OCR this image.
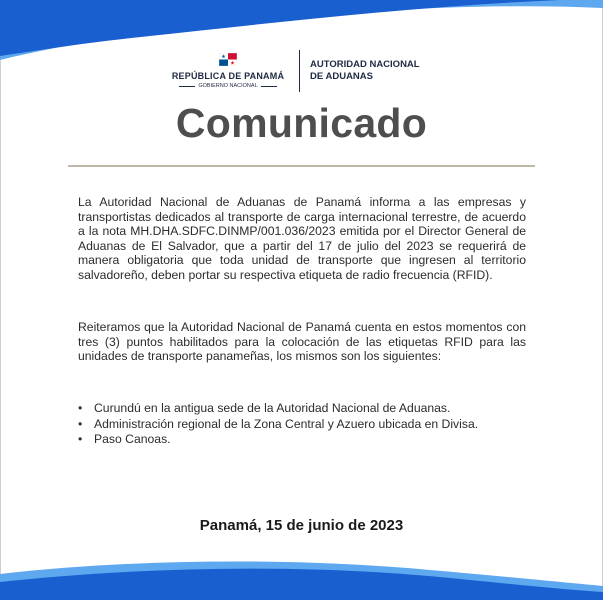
REPÚBLICA DE PANAMÁ
GOBIERNO NACIONAL
AUTORIDAD NACIONAL
DE ADUANAS
Comunicado

La Autoridad Nacional de Aduanas de Panamá informa a las empresas y transportistas dedicados al transporte de carga internacional terrestre, de acuerdo a la nota MH.DHA.SDFC.DINMP/001.036/2023 emitida por el Director General de Aduanas de El Salvador, que a partir del 17 de julio del 2023 se requerirá de manera obligatoria que toda unidad de transporte que ingresen al territorio salvadoreño, deben portar su respectiva etiqueta de radio frecuencia (RFID).

Reiteramos que la Autoridad Nacional de Panamá cuenta en estos momentos con tres (3) puntos habilitados para la colocación de las etiquetas RFID para las unidades de transporte panameñas, los mismos son los siguientes:

• Curundú en la antigua sede de la Autoridad Nacional de Aduanas.
• Administración regional de la Zona Central y Azuero ubicada en Divisa.
• Paso Canoas.
Panamá, 15 de junio de 2023
